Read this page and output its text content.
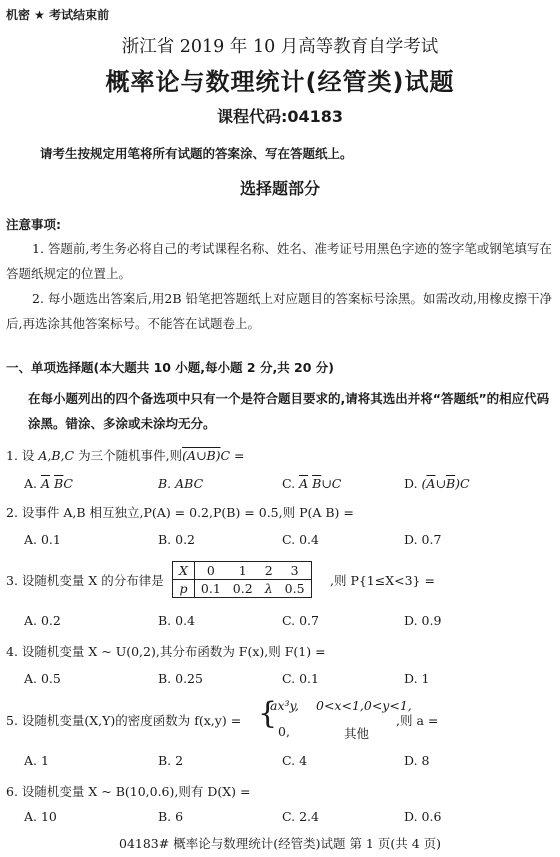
机密 ★ 考试结束前
浙江省 2019 年 10 月高等教育自学考试
概率论与数理统计(经管类)试题
课程代码:04183
请考生按规定用笔将所有试题的答案涂、写在答题纸上。
选择题部分
注意事项:
1. 答题前,考生务必将自己的考试课程名称、姓名、准考证号用黑色字迹的签字笔或钢笔填写在答题纸规定的位置上。
2. 每小题选出答案后,用2B 铅笔把答题纸上对应题目的答案标号涂黑。如需改动,用橡皮擦干净后,再选涂其他答案标号。不能答在试题卷上。
一、单项选择题(本大题共 10 小题,每小题 2 分,共 20 分)
在每小题列出的四个备选项中只有一个是符合题目要求的,请将其选出并将“答题纸”的相应代码涂黑。错涂、多涂或未涂均无分。
1. 设 A,B,C 为三个随机事件,则(A∪B)C =
A. $\overline{A}$ $\overline{B}C$	B. ABC	C. $\overline{A}$ $\overline{B}\cup C$	D. $(\overline{A}\cup\overline{B})C$
2. 设事件 A,B 相互独立,P(A) = 0.2,P(B) = 0.5,则 P(A B) =
A. 0.1	B. 0.2	C. 0.4	D. 0.7
3. 设随机变量 X 的分布律是
X	0	1	2	3
p	0.1	0.2	λ	0.5
,则 P{1≤X<3} =
A. 0.2	B. 0.4	C. 0.7	D. 0.9
4. 设随机变量 X ~ U(0,2),其分布函数为 F(x),则 F(1) =
A. 0.5	B. 0.25	C. 0.1	D. 1
5. 设随机变量(X,Y)的密度函数为 f(x,y) = {
ax³y, 0<x<1,0<y<1,
0,	其他
,则 a =
A. 1	B. 2	C. 4	D. 8
6. 设随机变量 X ~ B(10,0.6),则有 D(X) =
A. 10	B. 6	C. 2.4	D. 0.6
04183# 概率论与数理统计(经管类)试题 第 1 页(共 4 页)
